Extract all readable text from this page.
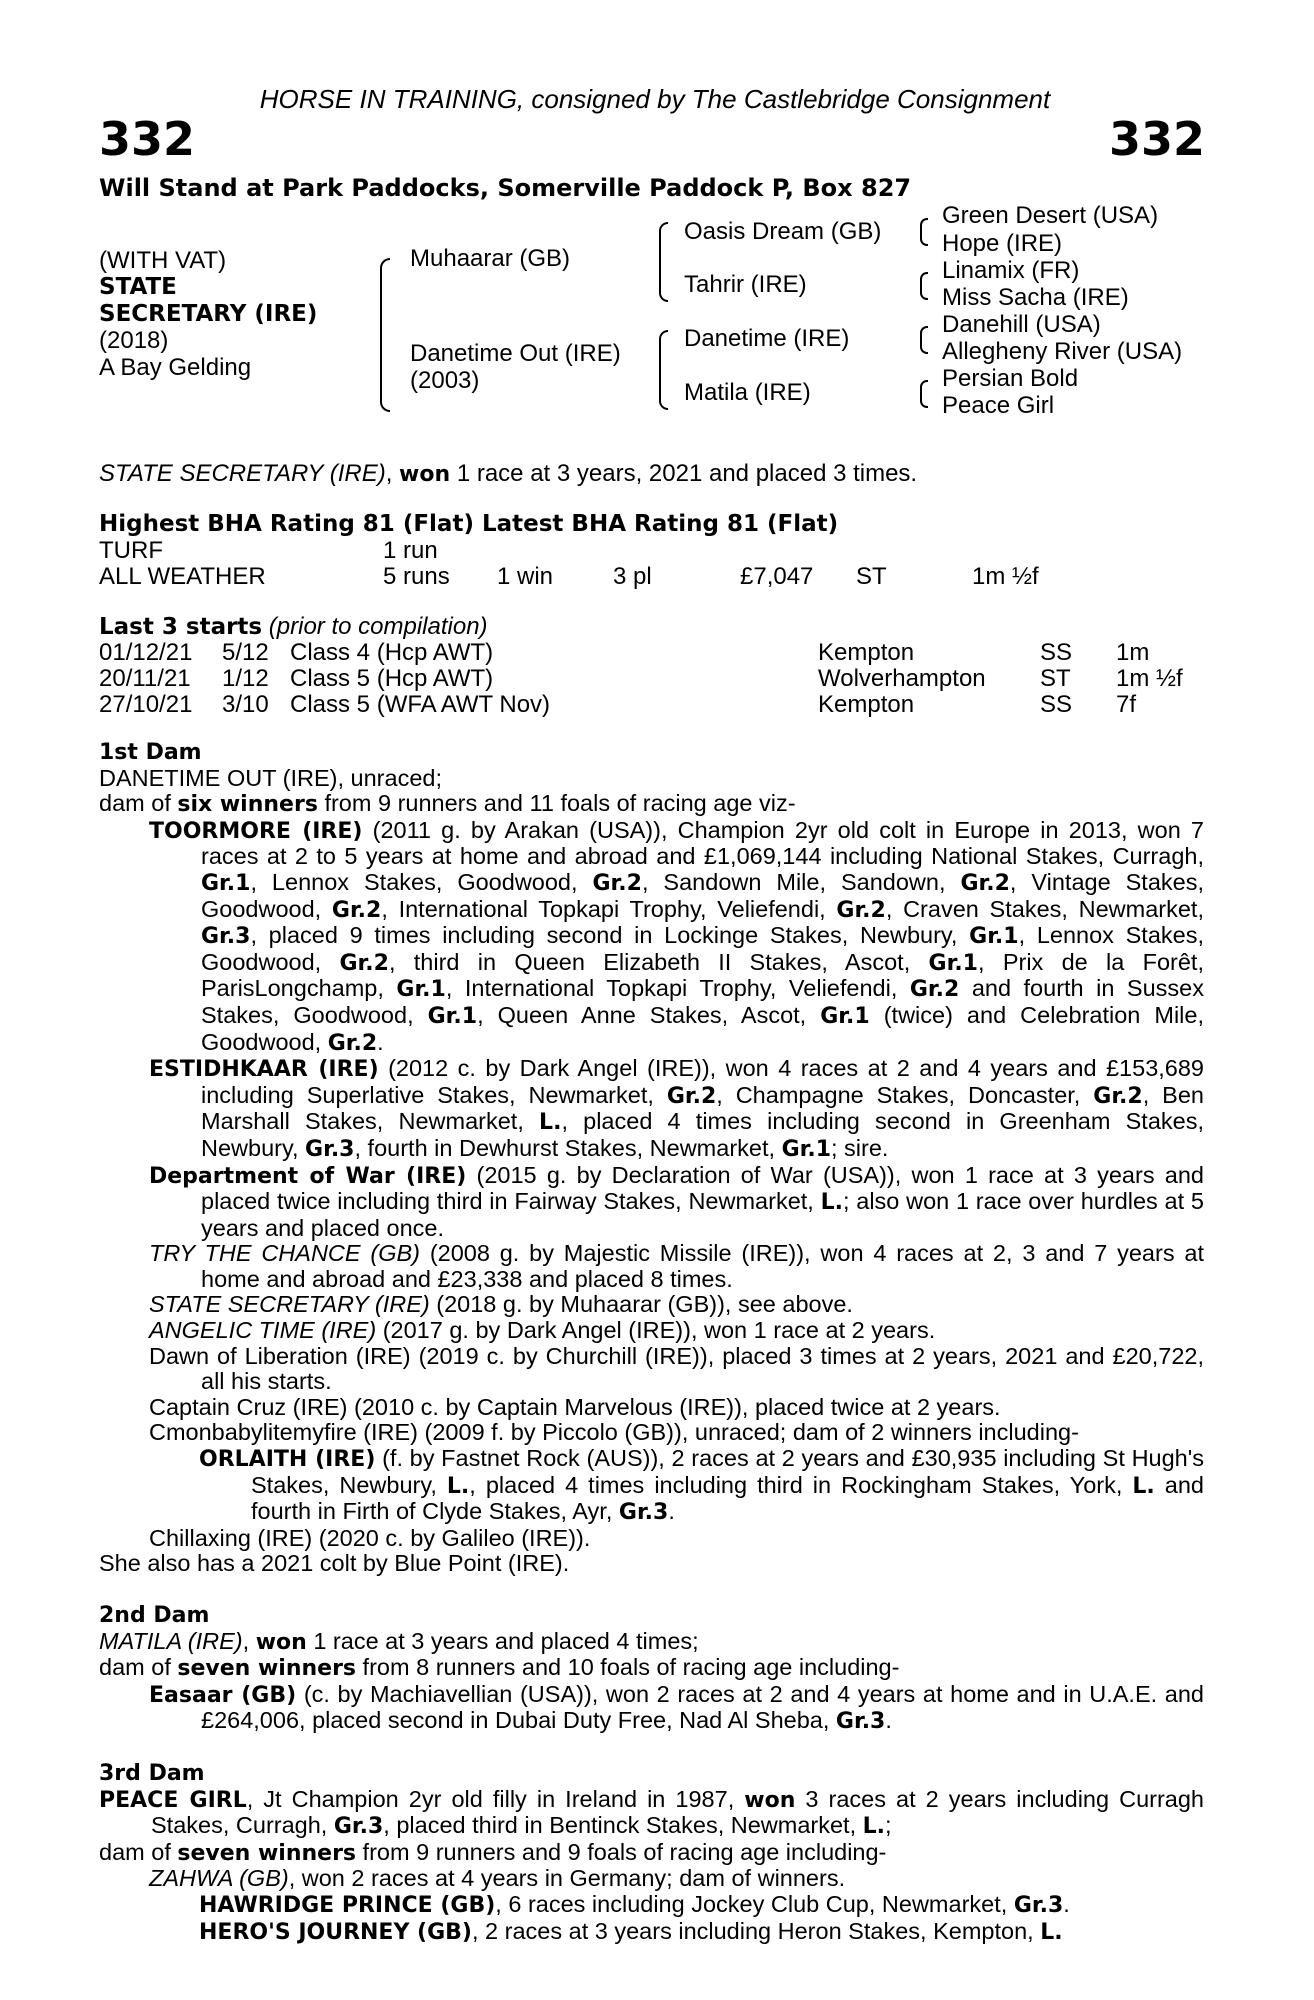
HORSE IN TRAINING, consigned by The Castlebridge Consignment
332	332
Will Stand at Park Paddocks, Somerville Paddock P, Box 827
(WITH VAT)
STATE
SECRETARY (IRE)
(2018)
A Bay Gelding
Muhaarar (GB)
Danetime Out (IRE)
(2003)
Oasis Dream (GB)
Tahrir (IRE)
Danetime (IRE)
Matila (IRE)
Green Desert (USA)
Hope (IRE)
Linamix (FR)
Miss Sacha (IRE)
Danehill (USA)
Allegheny River (USA)
Persian Bold
Peace Girl
STATE SECRETARY (IRE), won 1 race at 3 years, 2021 and placed 3 times.
Highest BHA Rating 81 (Flat) Latest BHA Rating 81 (Flat)
TURF	1 run
ALL WEATHER	5 runs 1 win 3 pl	£7,047 ST	1m ½f
Last 3 starts (prior to compilation)
01/12/21 5/12 Class 4 (Hcp AWT)	Kempton	SS 1m
20/11/21 1/12 Class 5 (Hcp AWT)	Wolverhampton ST 1m ½f
27/10/21 3/10 Class 5 (WFA AWT Nov)	Kempton	SS 7f

1st Dam

DANETIME OUT (IRE), unraced;

dam of six winners from 9 runners and 11 foals of racing age viz-

TOORMORE (IRE) (2011 g. by Arakan (USA)), Champion 2yr old colt in Europe in 2013, won 7 races at 2 to 5 years at home and abroad and £1,069,144 including National Stakes, Curragh, Gr.1, Lennox Stakes, Goodwood, Gr.2, Sandown Mile, Sandown, Gr.2, Vintage Stakes, Goodwood, Gr.2, International Topkapi Trophy, Veliefendi, Gr.2, Craven Stakes, Newmarket, Gr.3, placed 9 times including second in Lockinge Stakes, Newbury, Gr.1, Lennox Stakes, Goodwood, Gr.2, third in Queen Elizabeth II Stakes, Ascot, Gr.1, Prix de la Forêt, ParisLongchamp, Gr.1, International Topkapi Trophy, Veliefendi, Gr.2 and fourth in Sussex Stakes, Goodwood, Gr.1, Queen Anne Stakes, Ascot, Gr.1 (twice) and Celebration Mile, Goodwood, Gr.2.

ESTIDHKAAR (IRE) (2012 c. by Dark Angel (IRE)), won 4 races at 2 and 4 years and £153,689 including Superlative Stakes, Newmarket, Gr.2, Champagne Stakes, Doncaster, Gr.2, Ben Marshall Stakes, Newmarket, L., placed 4 times including second in Greenham Stakes, Newbury, Gr.3, fourth in Dewhurst Stakes, Newmarket, Gr.1; sire.

Department of War (IRE) (2015 g. by Declaration of War (USA)), won 1 race at 3 years and placed twice including third in Fairway Stakes, Newmarket, L.; also won 1 race over hurdles at 5 years and placed once.

TRY THE CHANCE (GB) (2008 g. by Majestic Missile (IRE)), won 4 races at 2, 3 and 7 years at home and abroad and £23,338 and placed 8 times.

STATE SECRETARY (IRE) (2018 g. by Muhaarar (GB)), see above.

ANGELIC TIME (IRE) (2017 g. by Dark Angel (IRE)), won 1 race at 2 years.

Dawn of Liberation (IRE) (2019 c. by Churchill (IRE)), placed 3 times at 2 years, 2021 and £20,722, all his starts.

Captain Cruz (IRE) (2010 c. by Captain Marvelous (IRE)), placed twice at 2 years.

Cmonbabylitemyfire (IRE) (2009 f. by Piccolo (GB)), unraced; dam of 2 winners including-

ORLAITH (IRE) (f. by Fastnet Rock (AUS)), 2 races at 2 years and £30,935 including St Hugh's Stakes, Newbury, L., placed 4 times including third in Rockingham Stakes, York, L. and fourth in Firth of Clyde Stakes, Ayr, Gr.3.

Chillaxing (IRE) (2020 c. by Galileo (IRE)).

She also has a 2021 colt by Blue Point (IRE).

2nd Dam

MATILA (IRE), won 1 race at 3 years and placed 4 times;

dam of seven winners from 8 runners and 10 foals of racing age including-

Easaar (GB) (c. by Machiavellian (USA)), won 2 races at 2 and 4 years at home and in U.A.E. and £264,006, placed second in Dubai Duty Free, Nad Al Sheba, Gr.3.

3rd Dam

PEACE GIRL, Jt Champion 2yr old filly in Ireland in 1987, won 3 races at 2 years including Curragh Stakes, Curragh, Gr.3, placed third in Bentinck Stakes, Newmarket, L.;

dam of seven winners from 9 runners and 9 foals of racing age including-

ZAHWA (GB), won 2 races at 4 years in Germany; dam of winners.

HAWRIDGE PRINCE (GB), 6 races including Jockey Club Cup, Newmarket, Gr.3.

HERO'S JOURNEY (GB), 2 races at 3 years including Heron Stakes, Kempton, L.
